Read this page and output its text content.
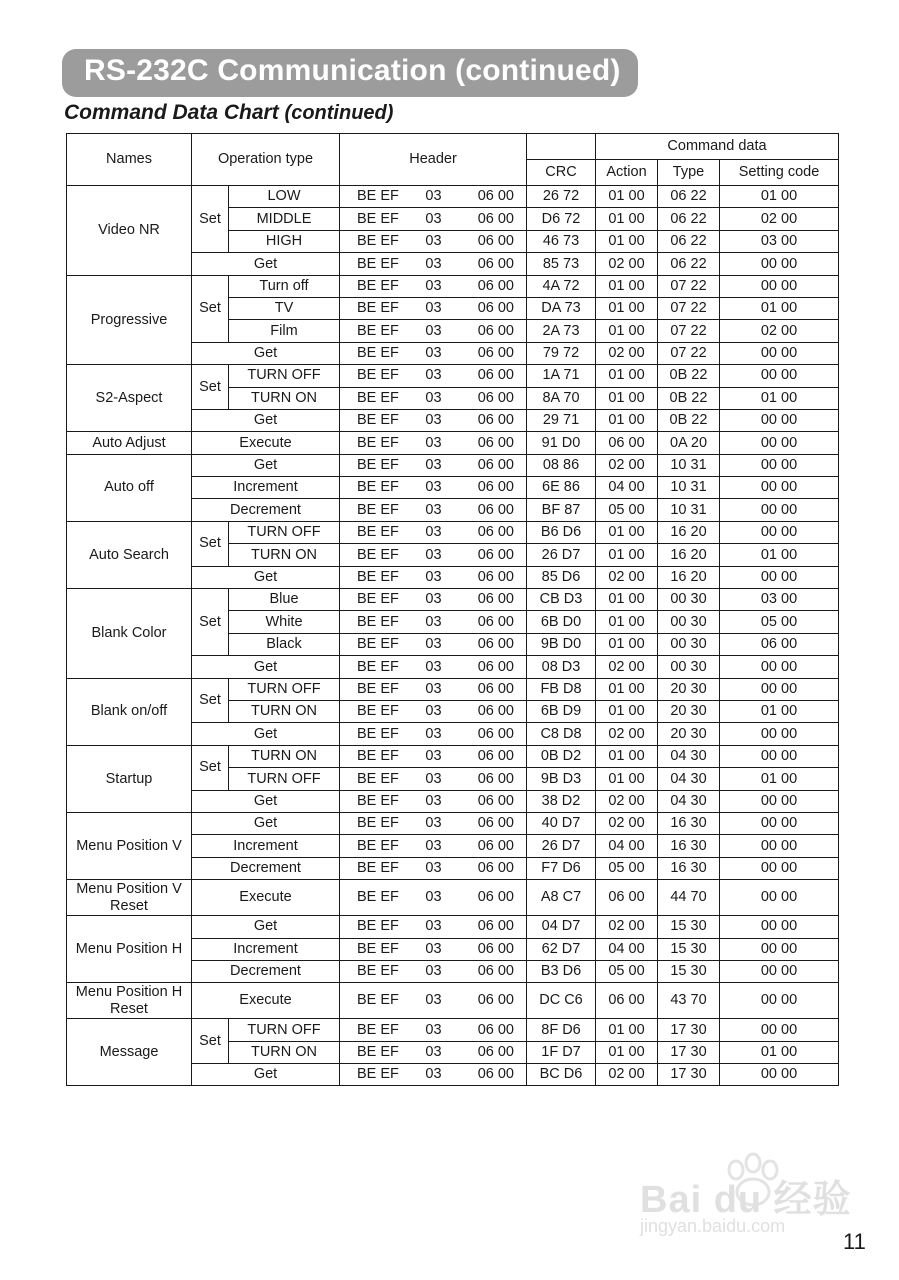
RS-232C Communication (continued)
Command Data Chart (continued)
Names	Operation type		Header				Command data		
						CRC	Action	Type	Setting code
Video NR	Set	LOW	BE EF	03	06 00	26 72	01 00	06 22	01 00
		MIDDLE	BE EF	03	06 00	D6 72	01 00	06 22	02 00
		HIGH	BE EF	03	06 00	46 73	01 00	06 22	03 00
	Get		BE EF	03	06 00	85 73	02 00	06 22	00 00
Progressive	Set	Turn off	BE EF	03	06 00	4A 72	01 00	07 22	00 00
		TV	BE EF	03	06 00	DA 73	01 00	07 22	01 00
		Film	BE EF	03	06 00	2A 73	01 00	07 22	02 00
	Get		BE EF	03	06 00	79 72	02 00	07 22	00 00
S2-Aspect	Set	TURN OFF	BE EF	03	06 00	1A 71	01 00	0B 22	00 00
		TURN ON	BE EF	03	06 00	8A 70	01 00	0B 22	01 00
	Get		BE EF	03	06 00	29 71	01 00	0B 22	00 00
Auto Adjust	Execute		BE EF	03	06 00	91 D0	06 00	0A 20	00 00
Auto off	Get		BE EF	03	06 00	08 86	02 00	10 31	00 00
	Increment		BE EF	03	06 00	6E 86	04 00	10 31	00 00
	Decrement		BE EF	03	06 00	BF 87	05 00	10 31	00 00
Auto Search	Set	TURN OFF	BE EF	03	06 00	B6 D6	01 00	16 20	00 00
		TURN ON	BE EF	03	06 00	26 D7	01 00	16 20	01 00
	Get		BE EF	03	06 00	85 D6	02 00	16 20	00 00
Blank Color	Set	Blue	BE EF	03	06 00	CB D3	01 00	00 30	03 00
		White	BE EF	03	06 00	6B D0	01 00	00 30	05 00
		Black	BE EF	03	06 00	9B D0	01 00	00 30	06 00
	Get		BE EF	03	06 00	08 D3	02 00	00 30	00 00
Blank on/off	Set	TURN OFF	BE EF	03	06 00	FB D8	01 00	20 30	00 00
		TURN ON	BE EF	03	06 00	6B D9	01 00	20 30	01 00
	Get		BE EF	03	06 00	C8 D8	02 00	20 30	00 00
Startup	Set	TURN ON	BE EF	03	06 00	0B D2	01 00	04 30	00 00
		TURN OFF	BE EF	03	06 00	9B D3	01 00	04 30	01 00
	Get		BE EF	03	06 00	38 D2	02 00	04 30	00 00
Menu Position V	Get		BE EF	03	06 00	40 D7	02 00	16 30	00 00
	Increment		BE EF	03	06 00	26 D7	04 00	16 30	00 00
	Decrement		BE EF	03	06 00	F7 D6	05 00	16 30	00 00
Menu Position V Reset	Execute		BE EF	03	06 00	A8 C7	06 00	44 70	00 00
Menu Position H	Get		BE EF	03	06 00	04 D7	02 00	15 30	00 00
	Increment		BE EF	03	06 00	62 D7	04 00	15 30	00 00
	Decrement		BE EF	03	06 00	B3 D6	05 00	15 30	00 00
Menu Position H Reset	Execute		BE EF	03	06 00	DC C6	06 00	43 70	00 00
Message	Set	TURN OFF	BE EF	03	06 00	8F D6	01 00	17 30	00 00
		TURN ON	BE EF	03	06 00	1F D7	01 00	17 30	01 00
	Get		BE EF	03	06 00	BC D6	02 00	17 30	00 00
Bai du 经验
jingyan.baidu.com
11
